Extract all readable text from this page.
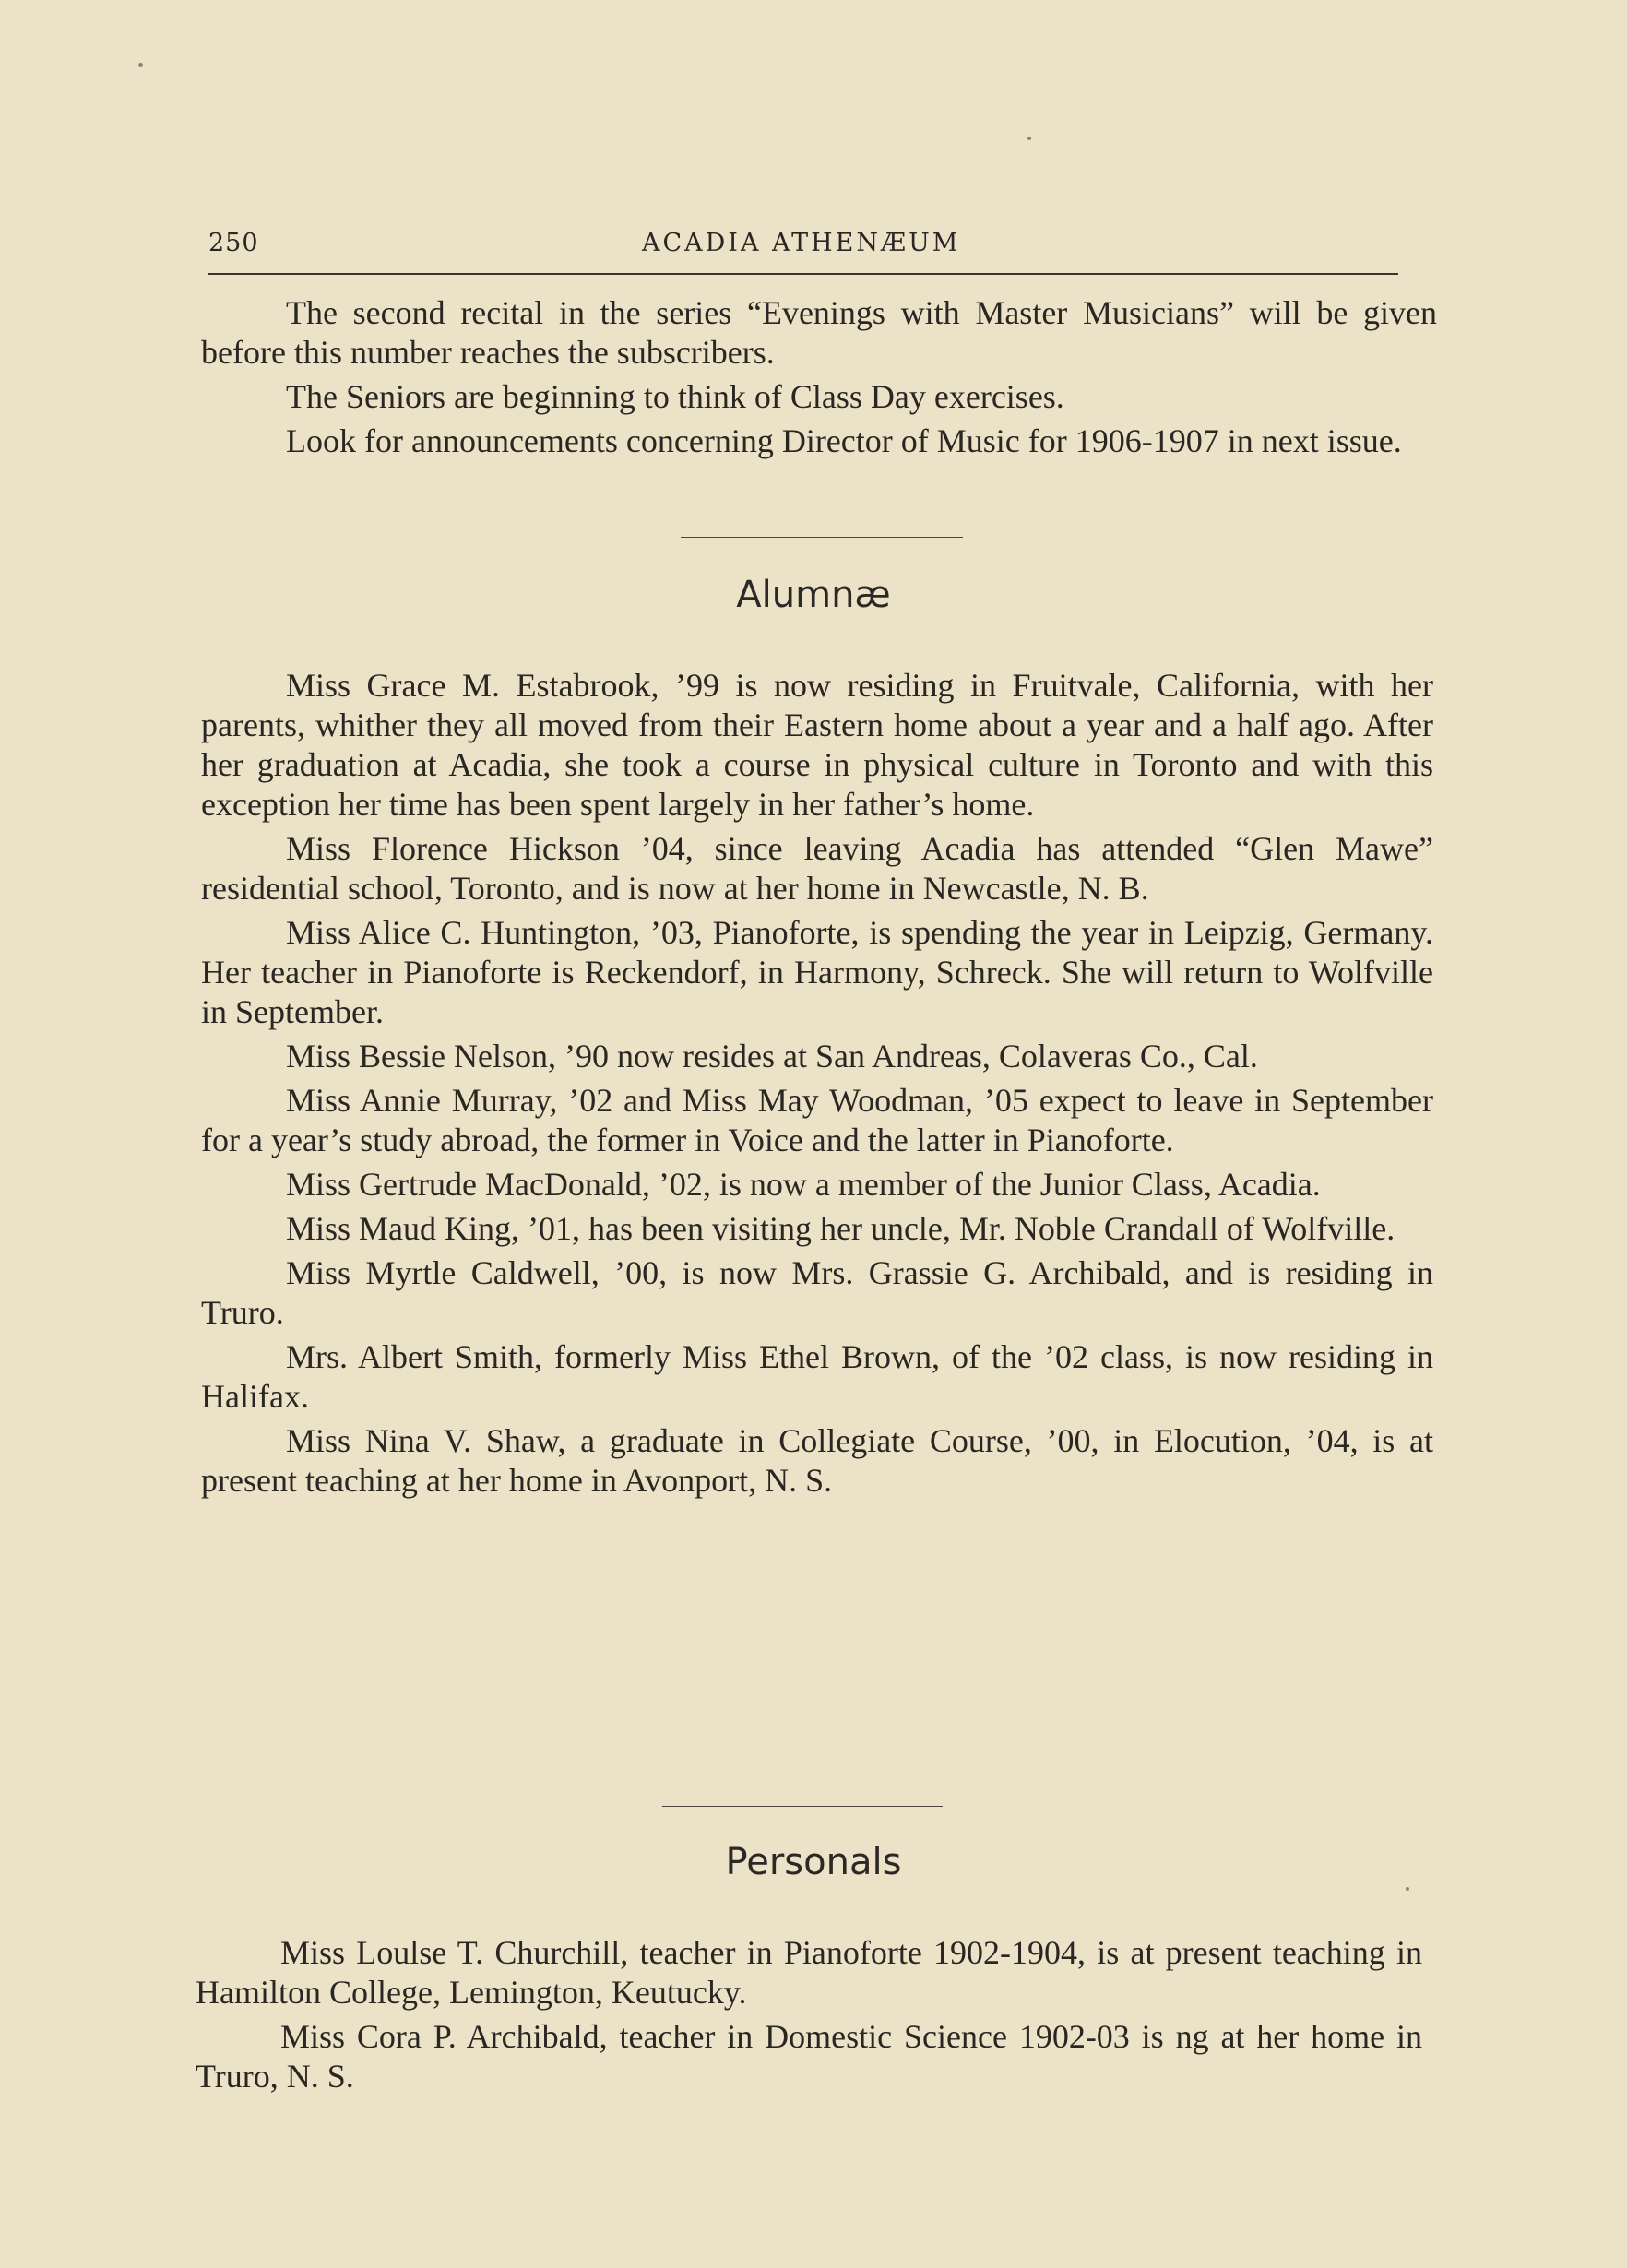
250	ACADIA ATHENÆUM

The second recital in the series “Evenings with Master Musicians” will be given before this number reaches the subscribers.

The Seniors are beginning to think of Class Day exercises.

Look for announcements concerning Director of Music for 1906-1907 in next issue.

Alumnæ

Miss Grace M. Estabrook, ’99 is now residing in Fruitvale, California, with her parents, whither they all moved from their Eastern home about a year and a half ago. After her graduation at Acadia, she took a course in physical culture in Toronto and with this exception her time has been spent largely in her father’s home.

Miss Florence Hickson ’04, since leaving Acadia has attended “Glen Mawe” residential school, Toronto, and is now at her home in Newcastle, N. B.

Miss Alice C. Huntington, ’03, Pianoforte, is spending the year in Leipzig, Germany. Her teacher in Pianoforte is Reckendorf, in Harmony, Schreck. She will return to Wolfville in September.

Miss Bessie Nelson, ’90 now resides at San Andreas, Colaveras Co., Cal.

Miss Annie Murray, ’02 and Miss May Woodman, ’05 expect to leave in September for a year’s study abroad, the former in Voice and the latter in Pianoforte.

Miss Gertrude MacDonald, ’02, is now a member of the Junior Class, Acadia.

Miss Maud King, ’01, has been visiting her uncle, Mr. Noble Crandall of Wolfville.

Miss Myrtle Caldwell, ’00, is now Mrs. Grassie G. Archibald, and is residing in Truro.

Mrs. Albert Smith, formerly Miss Ethel Brown, of the ’02 class, is now residing in Halifax.

Miss Nina V. Shaw, a graduate in Collegiate Course, ’00, in Elocution, ’04, is at present teaching at her home in Avonport, N. S.

Personals

Miss Loulse T. Churchill, teacher in Pianoforte 1902-1904, is at present teaching in Hamilton College, Lemington, Keutucky.

Miss Cora P. Archibald, teacher in Domestic Science 1902-03 is ng at her home in Truro, N. S.
